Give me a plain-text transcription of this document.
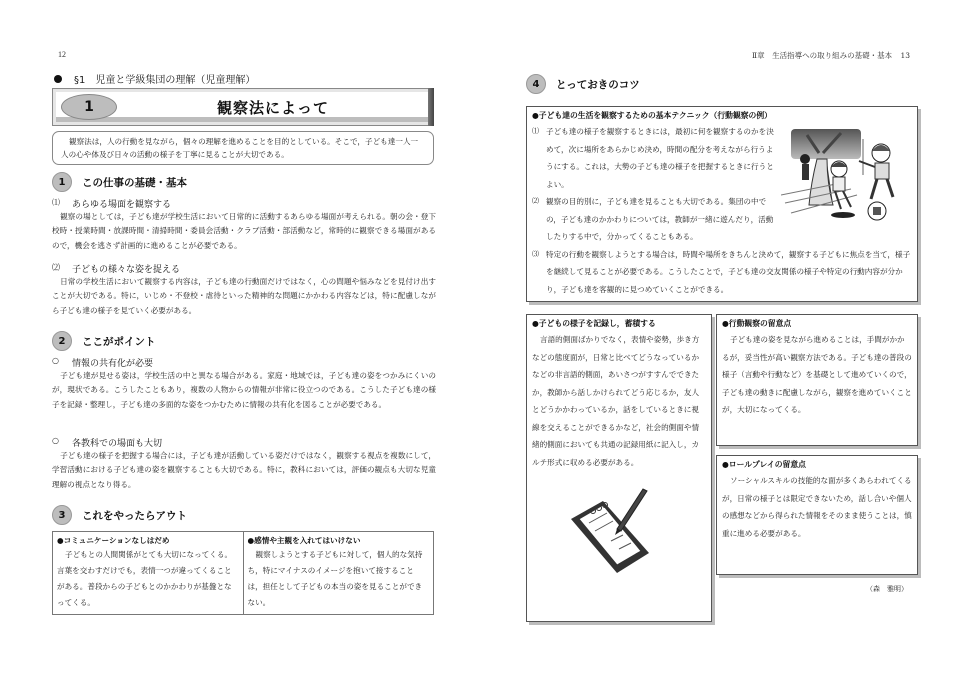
12
§1　児童と学級集団の理解（児童理解）
1	観察法によって
観察法は，人の行動を見ながら，個々の理解を進めることを目的としている。そこで，子ども達一人一人の心や体及び日々の活動の様子を丁寧に見ることが大切である。
1	この仕事の基礎・基本
⑴	あらゆる場面を観察する
観察の場としては，子ども達が学校生活において日常的に活動するあらゆる場面が考えられる。朝の会・登下校時・授業時間・放課時間・清掃時間・委員会活動・クラブ活動・部活動など，常時的に観察できる場面があるので，機会を逃さず計画的に進めることが必要である。
⑵	子どもの様々な姿を捉える
日常の学校生活において観察する内容は，子ども達の行動面だけではなく，心の問題や悩みなどを見付け出すことが大切である。特に，いじめ・不登校・虐待といった精神的な問題にかかわる内容などは，特に配慮しながら子ども達の様子を見ていく必要がある。
2	ここがポイント
○	情報の共有化が必要
子ども達が見せる姿は，学校生活の中と異なる場合がある。家庭・地域では，子ども達の姿をつかみにくいのが，現状である。こうしたこともあり，複数の人物からの情報が非常に役立つのである。こうした子ども達の様子を記録・整理し，子ども達の多面的な姿をつかむために情報の共有化を図ることが必要である。
○	各教科での場面も大切
子ども達の様子を把握する場合には，子ども達が活動している姿だけではなく，観察する視点を複数にして，学習活動における子ども達の姿を観察することも大切である。特に，教科においては，評価の観点も大切な児童理解の視点となり得る。
3	これをやったらアウト
●コミュニケーションなしはだめ
子どもとの人間関係がとても大切になってくる。言葉を交わすだけでも，表情一つが違ってくることがある。普段からの子どもとのかかわりが基盤となってくる。
●感情や主観を入れてはいけない
観察しようとする子どもに対して，個人的な気持ち，特にマイナスのイメージを抱いて接することは，担任として子どもの本当の姿を見ることができない。
Ⅱ章　生活指導への取り組みの基礎・基本 13
4	とっておきのコツ
●子ども達の生活を観察するための基本テクニック（行動観察の例）
⑴ 子ども達の様子を観察するときには，最初に何を観察するのかを決めて，次に場所をあらかじめ決め，時間の配分を考えながら行うようにする。これは，大勢の子ども達の様子を把握するときに行うとよい。
⑵ 観察の目的別に，子ども達を見ることも大切である。集団の中での，子ども達のかかわりについては，教師が一緒に遊んだり，活動したりする中で，分かってくることもある。
⑶ 特定の行動を観察しようとする場合は，時間や場所をきちんと決めて，観察する子どもに焦点を当て，様子を継続して見ることが必要である。こうしたことで，子ども達の交友関係の様子や特定の行動内容が分かり，子ども達を客観的に見つめていくことができる。
●子どもの様子を記録し，蓄積する
言語的側面ばかりでなく，表情や姿勢，歩き方などの態度面が，日常と比べてどうなっているかなどの非言語的側面，あいさつがすすんでできたか，教師から話しかけられてどう応じるか，友人とどうかかわっているか，話をしているときに視線を交えることができるかなど，社会的側面や情緒的側面においても共通の記録用紙に記入し，カルテ形式に収める必要がある。
●行動観察の留意点
子ども達の姿を見ながら進めることは，手間がかかるが，妥当性が高い観察方法である。子ども達の普段の様子（言動や行動など）を基礎として進めていくので，子ども達の動きに配慮しながら，観察を進めていくことが，大切になってくる。
●ロールプレイの留意点
ソーシャルスキルの技能的な面が多くあらわれてくるが，日常の様子とは限定できないため，話し合いや個人の感想などから得られた情報をそのまま使うことは，慎重に進める必要がある。
（森　雅明）
